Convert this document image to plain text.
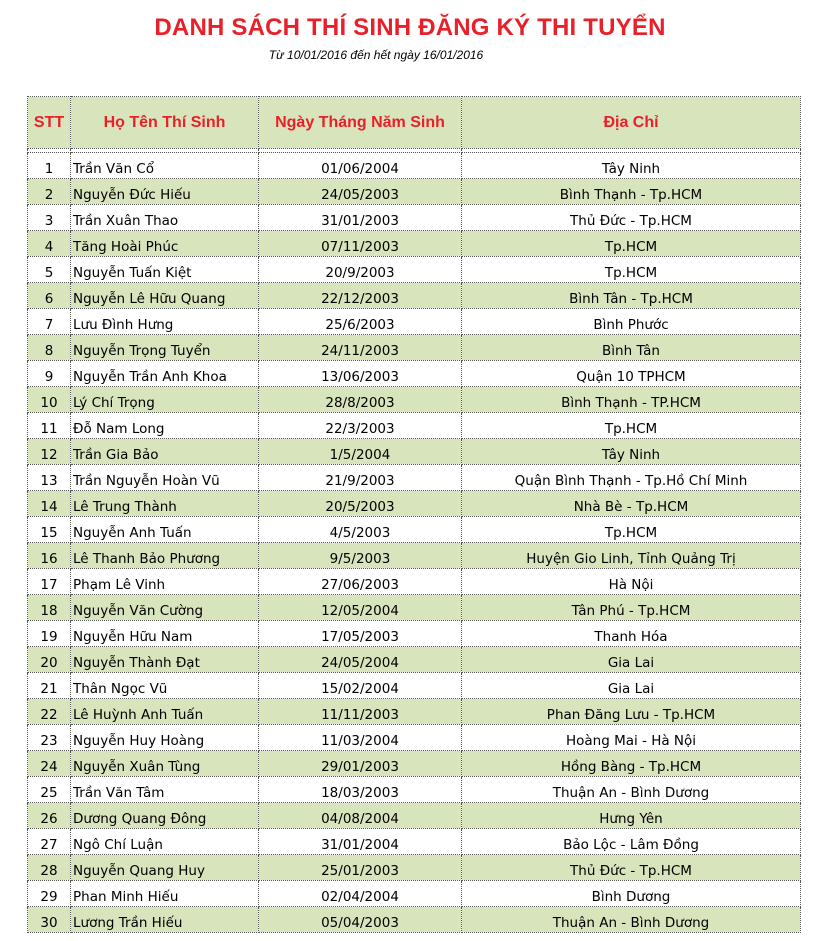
DANH SÁCH THÍ SINH ĐĂNG KÝ THI TUYỂN
Từ 10/01/2016 đến hết ngày 16/01/2016
STT	Họ Tên Thí Sinh	Ngày Tháng Năm Sinh	Địa Chỉ

1	Trần Văn Cổ	01/06/2004	Tây Ninh
2	Nguyễn Đức Hiếu	24/05/2003	Bình Thạnh - Tp.HCM
3	Trần Xuân Thao	31/01/2003	Thủ Đức - Tp.HCM
4	Tăng Hoài Phúc	07/11/2003	Tp.HCM
5	Nguyễn Tuấn Kiệt	20/9/2003	Tp.HCM
6	Nguyễn Lê Hữu Quang	22/12/2003	Bình Tân - Tp.HCM
7	Lưu Đình Hưng	25/6/2003	Bình Phước
8	Nguyễn Trọng Tuyển	24/11/2003	Bình Tân
9	Nguyễn Trần Anh Khoa	13/06/2003	Quận 10 TPHCM
10	Lý Chí Trọng	28/8/2003	Bình Thạnh - TP.HCM
11	Đỗ Nam Long	22/3/2003	Tp.HCM
12	Trần Gia Bảo	1/5/2004	Tây Ninh
13	Trần Nguyễn Hoàn Vũ	21/9/2003	Quận Bình Thạnh - Tp.Hồ Chí Minh
14	Lê Trung Thành	20/5/2003	Nhà Bè - Tp.HCM
15	Nguyễn Anh Tuấn	4/5/2003	Tp.HCM
16	Lê Thanh Bảo Phương	9/5/2003	Huyện Gio Linh, Tỉnh Quảng Trị
17	Phạm Lê Vinh	27/06/2003	Hà Nội
18	Nguyễn Văn Cường	12/05/2004	Tân Phú - Tp.HCM
19	Nguyễn Hữu Nam	17/05/2003	Thanh Hóa
20	Nguyễn Thành Đạt	24/05/2004	Gia Lai
21	Thân Ngọc Vũ	15/02/2004	Gia Lai
22	Lê Huỳnh Anh Tuấn	11/11/2003	Phan Đăng Lưu - Tp.HCM
23	Nguyễn Huy Hoàng	11/03/2004	Hoàng Mai - Hà Nội
24	Nguyễn Xuân Tùng	29/01/2003	Hồng Bàng - Tp.HCM
25	Trần Văn Tâm	18/03/2003	Thuận An - Bình Dương
26	Dương Quang Đông	04/08/2004	Hưng Yên
27	Ngô Chí Luận	31/01/2004	Bảo Lộc - Lâm Đồng
28	Nguyễn Quang Huy	25/01/2003	Thủ Đức - Tp.HCM
29	Phan Minh Hiếu	02/04/2004	Bình Dương
30	Lương Trần Hiếu	05/04/2003	Thuận An - Bình Dương
